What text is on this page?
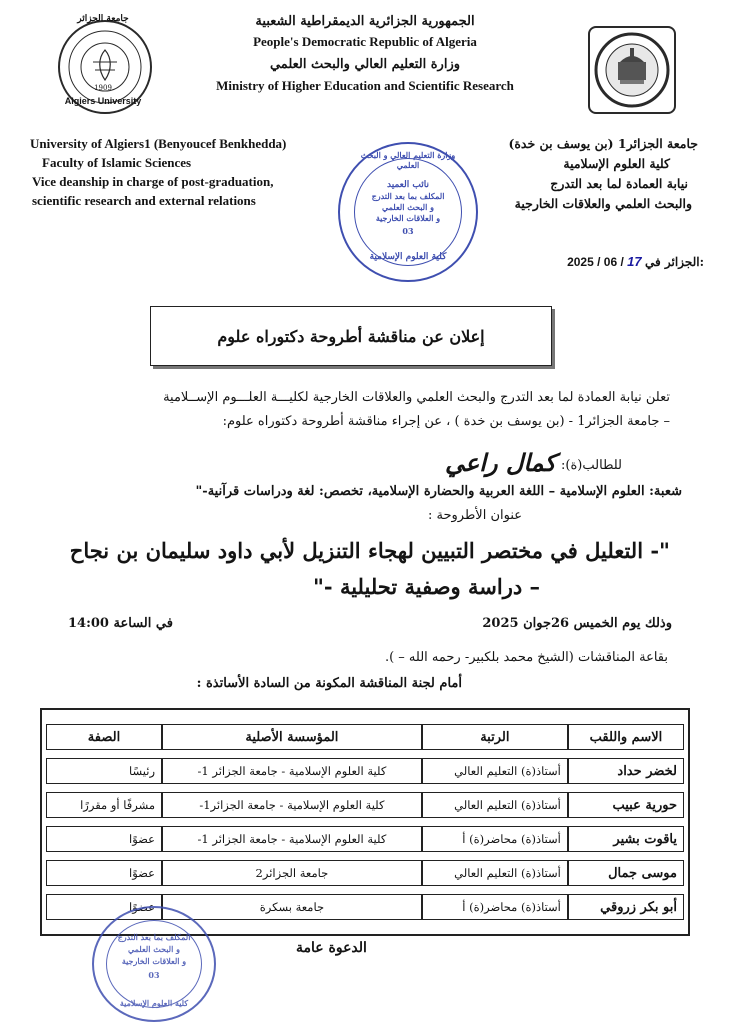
الجمهورية الجزائرية الديمقراطية الشعبية
People's Democratic Republic of Algeria
وزارة التعليم العالي والبحث العلمي
Ministry of Higher Education and Scientific Research
جامعة الجزائر
Algiers University
1909
University of Algiers1 (Benyoucef Benkhedda)
Faculty of Islamic Sciences
Vice deanship in charge of post-graduation,
scientific research and external relations
جامعة الجزائر1 (بن يوسف بن خدة)
كلية العلوم الإسلامية
نيابة العمادة لما بعد التدرج
والبحث العلمي والعلاقات الخارجية
وزارة التعليم العالي و البحث العلمي
نائب العميد
المكلف بما بعد التدرج
و البحث العلمي
و العلاقات الخارجية
03
كلية العلوم الإسلامية	2025 / 06 / 17 الجزائر في:
إعلان عن مناقشة أطروحة دكتوراه علوم
تعلن نيابة العمادة لما بعد التدرج والبحث العلمي والعلاقات الخارجية لكليـــة العلـــوم الإســلامية
– جامعة الجزائر1 - (بن يوسف بن خدة ) ، عن إجراء مناقشة أطروحة دكتوراه علوم:
للطالب(ة): كمال راعي
شعبة: العلوم الإسلامية – اللغة العربية والحضارة الإسلامية، تخصص: لغة ودراسات قرآنية-"
عنوان الأطروحة :
"- التعليل في مختصر التبيين لهجاء التنزيل لأبي داود سليمان بن نجاح
– دراسة وصفية تحليلية -"
وذلك يوم الخميس 26جوان 2025
في الساعة 14:00
بقاعة المناقشات (الشيخ محمد بلكبير- رحمه الله – ).
أمام لجنة المناقشة المكونة من السادة الأساتذة :
الاسم واللقب	الرتبة	المؤسسة الأصلية	الصفة
لخضر حداد	أستاذ(ة) التعليم العالي	كلية العلوم الإسلامية - جامعة الجزائر 1-	رئيسًا
حورية عبيب	أستاذ(ة) التعليم العالي	كلية العلوم الإسلامية - جامعة الجزائر1-	مشرفًا أو مقررًا
ياقوت بشير	أستاذ(ة) محاضر(ة) أ	كلية العلوم الإسلامية - جامعة الجزائر 1-	عضوًا
موسى جمال	أستاذ(ة) التعليم العالي	جامعة الجزائر2	عضوًا
أبو بكر زروقي	أستاذ(ة) محاضر(ة) أ	جامعة بسكرة	عضوًا
المكلف بما بعد التدرج
و البحث العلمي
و العلاقات الخارجية
03
كلية العلوم الإسلامية
الدعوة عامة
